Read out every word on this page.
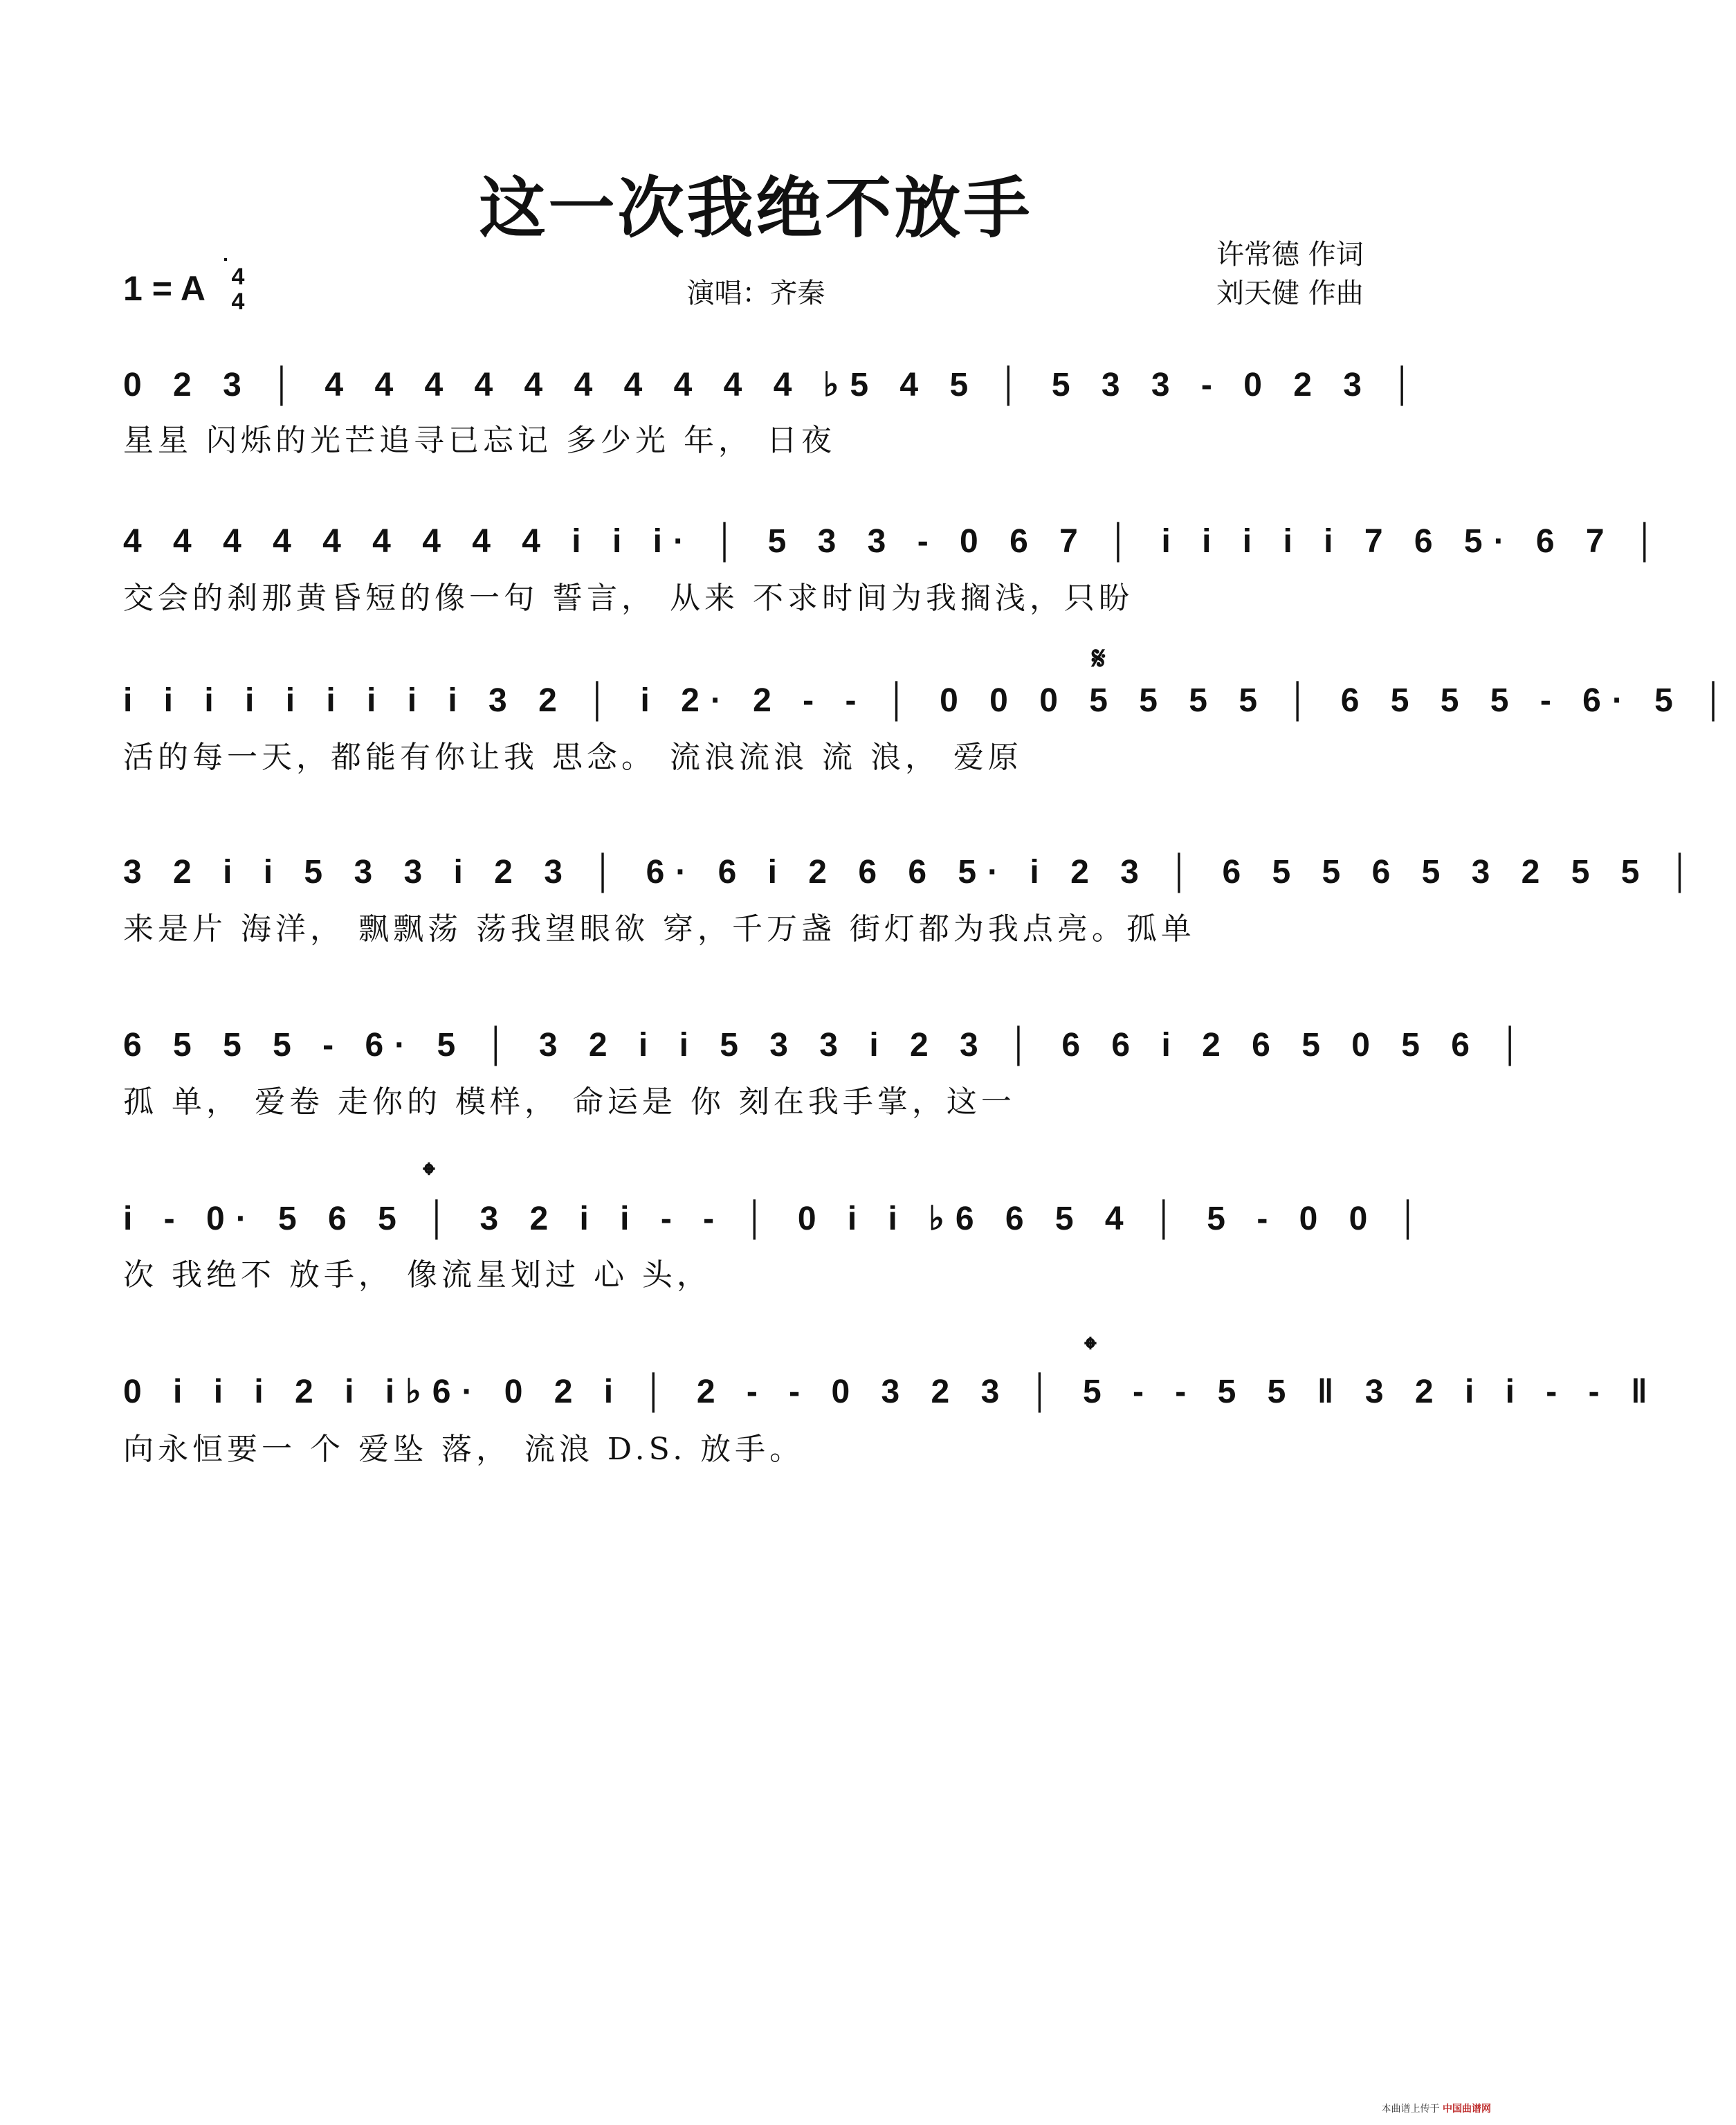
这一次我绝不放手
1 = A	4
4	演唱：齐秦
许常德 作词
刘天健 作曲
0 2 3 │ 4 4 4 4 4 4 4 4 4 4 ♭5 4 5 │ 5 3 3 - 0 2 3 │
星星 闪烁的光芒追寻已忘记 多少光 年， 日夜
4 4 4 4 4 4 4 4 4 i i i· │ 5 3 3 - 0 6 7 │ i i i i i 7 6 5· 6 7 │
交会的刹那黄昏短的像一句 誓言， 从来 不求时间为我搁浅，只盼
𝄋
i i i i i i i i i 3 2 │ i 2· 2 - - │ 0 0 0 5 5 5 5 │ 6 5 5 5 - 6· 5 │
活的每一天，都能有你让我 思念。 流浪流浪 流 浪， 爱原
3 2 i i 5 3 3 i 2 3 │ 6· 6 i 2 6 6 5· i 2 3 │ 6 5 5 6 5 3 2 5 5 │
来是片 海洋， 飘飘荡 荡我望眼欲 穿，千万盏 街灯都为我点亮。孤单
6 5 5 5 - 6· 5 │ 3 2 i i 5 3 3 i 2 3 │ 6 6 i 2 6 5 0 5 6 │
孤 单， 爱卷 走你的 模样， 命运是 你 刻在我手掌，这一
𝄌
i - 0· 5 6 5 │ 3 2 i i - - │ 0 i i ♭6 6 5 4 │ 5 - 0 0 │
次 我绝不 放手， 像流星划过 心 头，
𝄌
0 i i i 2 i i♭6· 0 2 i │ 2 - - 0 3 2 3 │ 5 - - 5 5 ‖ 3 2 i i - - ‖
向永恒要一 个 爱坠 落， 流浪 D.S. 放手。
本曲谱上传于 中国曲谱网
